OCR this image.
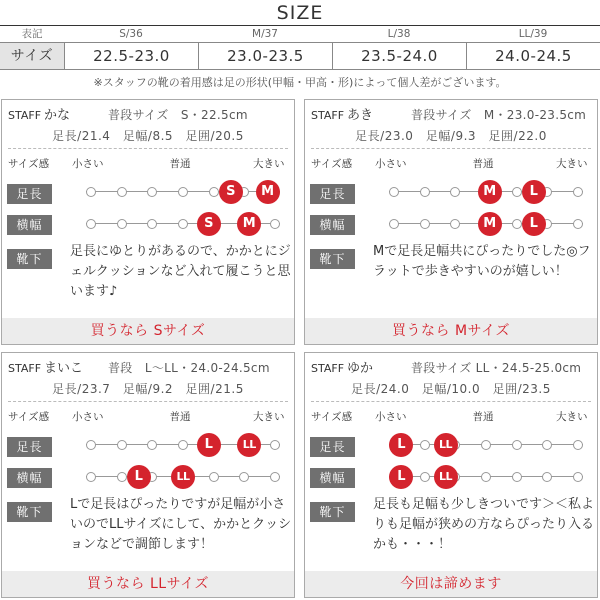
SIZE
表記	S/36	M/37	L/38	LL/39
サイズ	22.5-23.0	23.0-23.5	23.5-24.0	24.0-24.5
※スタッフの靴の着用感は足の形状(甲幅・甲高・形)によって個人差がございます。
STAFF かな	普段サイズ　S・22.5cm
足長/21.4　足幅/8.5　足囲/20.5
サイズ感 小さい	普通	大きい
足長
横幅
靴下
S	M
S	M
足長にゆとりがあるので、かかとにジェルクッションなど入れて履こうと思います♪
買うなら Sサイズ
STAFF あき	普段サイズ　M・23.0-23.5cm
足長/23.0　足幅/9.3　足囲/22.0
サイズ感 小さい	普通	大きい
足長
横幅
靴下
M	L
M	L
Mで足長足幅共にぴったりでした◎フラットで歩きやすいのが嬉しい！
買うなら Mサイズ
STAFF まいこ 普段　L〜LL・24.0-24.5cm
足長/23.7　足幅/9.2　足囲/21.5
サイズ感 小さい	普通	大きい
足長
横幅
靴下
L	LL
L	LL
Lで足長はぴったりですが足幅が小さいのでLLサイズにして、かかとクッションなどで調節します！
買うなら LLサイズ
STAFF ゆか	普段サイズ LL・24.5-25.0cm
足長/24.0　足幅/10.0　足囲/23.5
サイズ感 小さい	普通	大きい
足長
横幅
靴下
L	LL
L	LL
足長も足幅も少しきついです＞＜私よりも足幅が狭めの方ならぴったり入るかも・・・！
今回は諦めます
